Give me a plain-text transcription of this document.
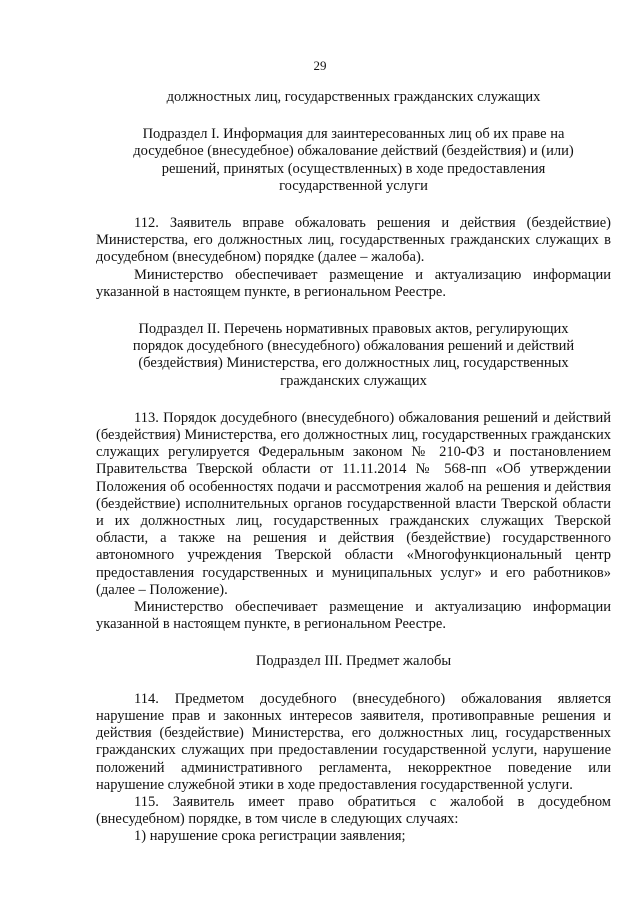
29

должностных лиц, государственных гражданских служащих

Подраздел I. Информация для заинтересованных лиц об их праве на досудебное (внесудебное) обжалование действий (бездействия) и (или) решений, принятых (осуществленных) в ходе предоставления государственной услуги

112. Заявитель вправе обжаловать решения и действия (бездействие) Министерства, его должностных лиц, государственных гражданских служащих в досудебном (внесудебном) порядке (далее – жалоба).

Министерство обеспечивает размещение и актуализацию информации указанной в настоящем пункте, в региональном Реестре.

Подраздел II. Перечень нормативных правовых актов, регулирующих порядок досудебного (внесудебного) обжалования решений и действий (бездействия) Министерства, его должностных лиц, государственных гражданских служащих

113. Порядок досудебного (внесудебного) обжалования решений и действий (бездействия) Министерства, его должностных лиц, государственных гражданских служащих регулируется Федеральным законом № 210-ФЗ и постановлением Правительства Тверской области от 11.11.2014 № 568-пп «Об утверждении Положения об особенностях подачи и рассмотрения жалоб на решения и действия (бездействие) исполнительных органов государственной власти Тверской области и их должностных лиц, государственных гражданских служащих Тверской области, а также на решения и действия (бездействие) государственного автономного учреждения Тверской области «Многофункциональный центр предоставления государственных и муниципальных услуг» и его работников» (далее – Положение).

Министерство обеспечивает размещение и актуализацию информации указанной в настоящем пункте, в региональном Реестре.

Подраздел III. Предмет жалобы

114. Предметом досудебного (внесудебного) обжалования является нарушение прав и законных интересов заявителя, противоправные решения и действия (бездействие) Министерства, его должностных лиц, государственных гражданских служащих при предоставлении государственной услуги, нарушение положений административного регламента, некорректное поведение или нарушение служебной этики в ходе предоставления государственной услуги.

115. Заявитель имеет право обратиться с жалобой в досудебном (внесудебном) порядке, в том числе в следующих случаях:

1) нарушение срока регистрации заявления;
